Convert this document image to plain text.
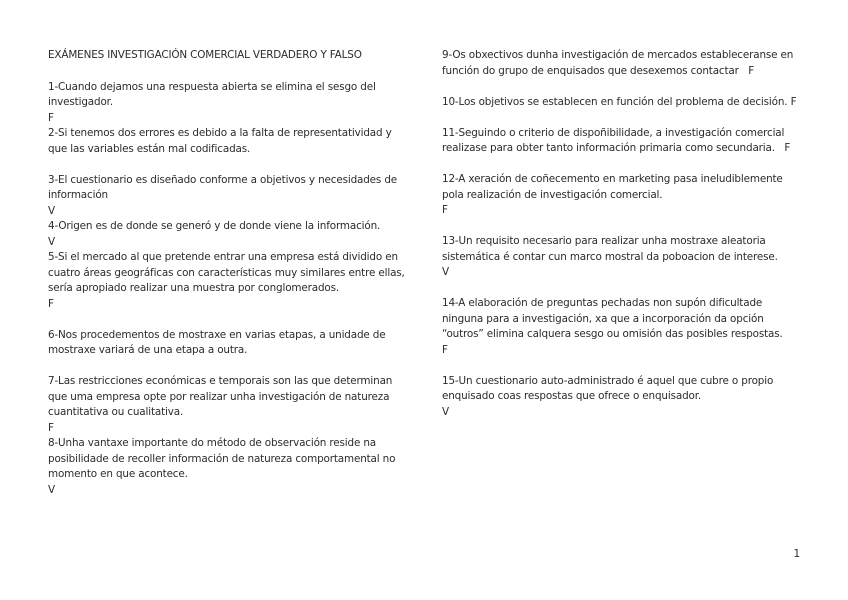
EXÁMENES INVESTIGACIÓN COMERCIAL VERDADERO Y FALSO
1-Cuando dejamos una respuesta abierta se elimina el sesgo del investigador.
F
2-Si tenemos dos errores es debido a la falta de representatividad y que las variables están mal codificadas.
3-El cuestionario es diseñado conforme a objetivos y necesidades de información
V
4-Origen es de donde se generó y de donde viene la información.
V
5-Si el mercado al que pretende entrar una empresa está dividido en cuatro áreas geográficas con características muy similares entre ellas, sería apropiado realizar una muestra por conglomerados.
F
6-Nos procedementos de mostraxe en varias etapas, a unidade de mostraxe variará de una etapa a outra.
7-Las restricciones económicas e temporais son las que determinan que uma empresa opte por realizar unha investigación de natureza cuantitativa ou cualitativa.
F
8-Unha vantaxe importante do método de observación reside na posibilidade de recoller información de natureza comportamental no momento en que acontece.
V
9-Os obxectivos dunha investigación de mercados estableceranse en función do grupo de enquisados que desexemos contactar F
10-Los objetivos se establecen en función del problema de decisión. F
11-Seguindo o criterio de dispoñibilidade, a investigación comercial realizase para obter tanto información primaria como secundaria. F
12-A xeración de coñecemento en marketing pasa ineludiblemente pola realización de investigación comercial.
F
13-Un requisito necesario para realizar unha mostraxe aleatoria sistemática é contar cun marco mostral da poboacion de interese.
V
14-A elaboración de preguntas pechadas non supón dificultade ninguna para a investigación, xa que a incorporación da opción “outros” elimina calquera sesgo ou omisión das posibles respostas.
F
15-Un cuestionario auto-administrado é aquel que cubre o propio enquisado coas respostas que ofrece o enquisador.
V
1
